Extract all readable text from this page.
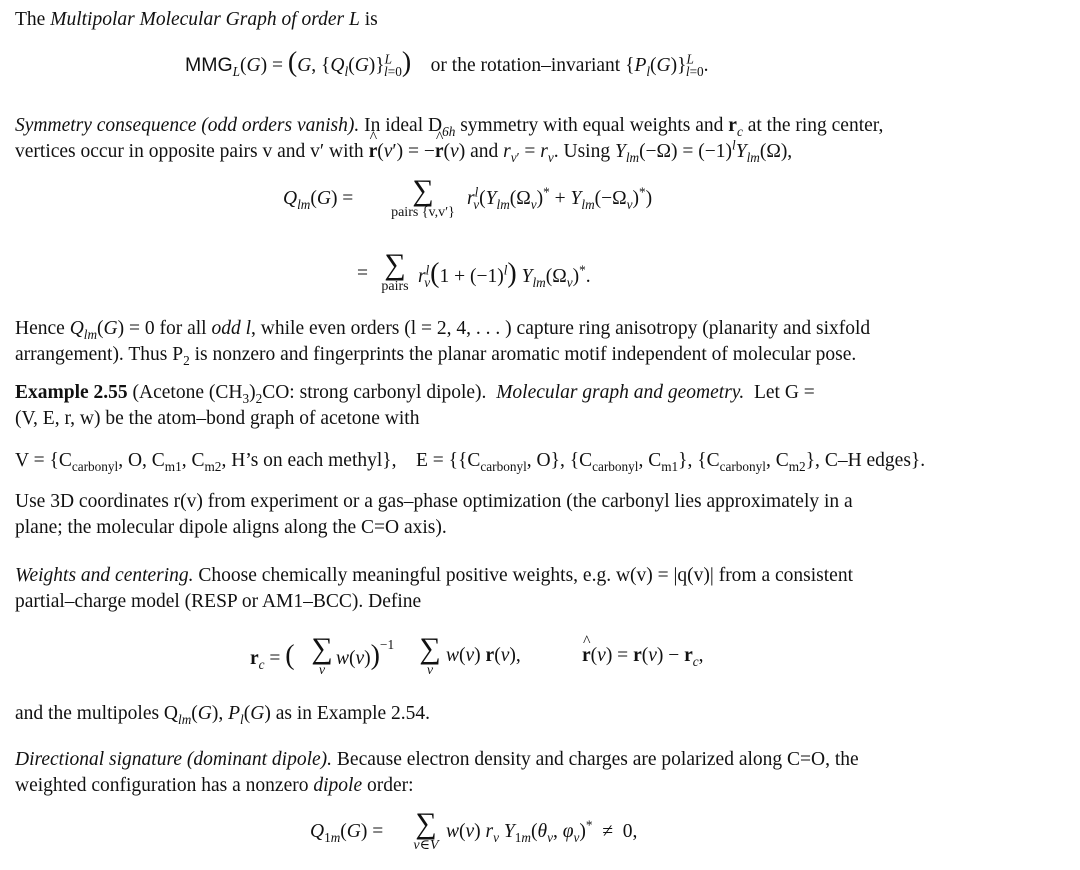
The Multipolar Molecular Graph of order L is
$MMG_L(G) = (G$, $\{Q_l(G)\}^L_{l=0}$) or the rotation–invariant $\{P_l(G)\}^L_{l=0}$.
Symmetry consequence (odd orders vanish). In ideal $D_{6h}$ symmetry with equal weights and $r_c$ at the ring center,
vertices occur in opposite pairs v and v′ with ^ r(v′) = −^ r(v) and $r_{v'} = r_v$. Using $Y_{lm}(-\Omega) = (-1)^lY_{lm}(\Omega)$,
$Q_{lm}(G)$ =	∑
pairs {v,v′}
$r^l_v(Y_{lm}(\Omega_v)^* + Y_{lm}(-\Omega_v)^*)$
= ∑
pairs $r^l_v(1 + (-1)^l)$ $Y_{lm}(\Omega_v)^*$.
Hence $Q_{lm}(G) = 0$ for all odd l, while even orders (l = 2, 4, . . . ) capture ring anisotropy (planarity and sixfold
arrangement). Thus $P_2$ is nonzero and fingerprints the planar aromatic motif independent of molecular pose.
Example 2.55 (Acetone $(CH_3)_2CO$: strong carbonyl dipole). Molecular graph and geometry. Let G =
(V, E, r, w) be the atom–bond graph of acetone with
$V = \{C_{carbonyl}$, O, $C_{m1}$, $C_{m2}$, H’s on each methyl},    $E = \{\{C_{carbonyl}$, O}, {$C_{carbonyl}$, $C_{m1}$}, {$C_{carbonyl}$, $C_{m2}$}, C–H edges}.
Use 3D coordinates r(v) from experiment or a gas–phase optimization (the carbonyl lies approximately in a
plane; the molecular dipole aligns along the C=O axis).
Weights and centering. Choose chemically meaningful positive weights, e.g. w(v) = |q(v)| from a consistent
partial–charge model (RESP or AM1–BCC). Define
$r_c$ = ( ∑
v
w(v))$^{-1}$ ∑
v
w(v) r(v),	^ $r(v) = r(v) - r_c$,
and the multipoles $Q_{lm}(G)$, $P_l(G)$ as in Example 2.54.
Directional signature (dominant dipole). Because electron density and charges are polarized along C=O, the
weighted configuration has a nonzero dipole order:
$Q_{1m}(G)$ = ∑
v∈V
w(v) $r_v$ $Y_{1m}(\theta_v$, $\varphi_v)^* \ne 0$,
